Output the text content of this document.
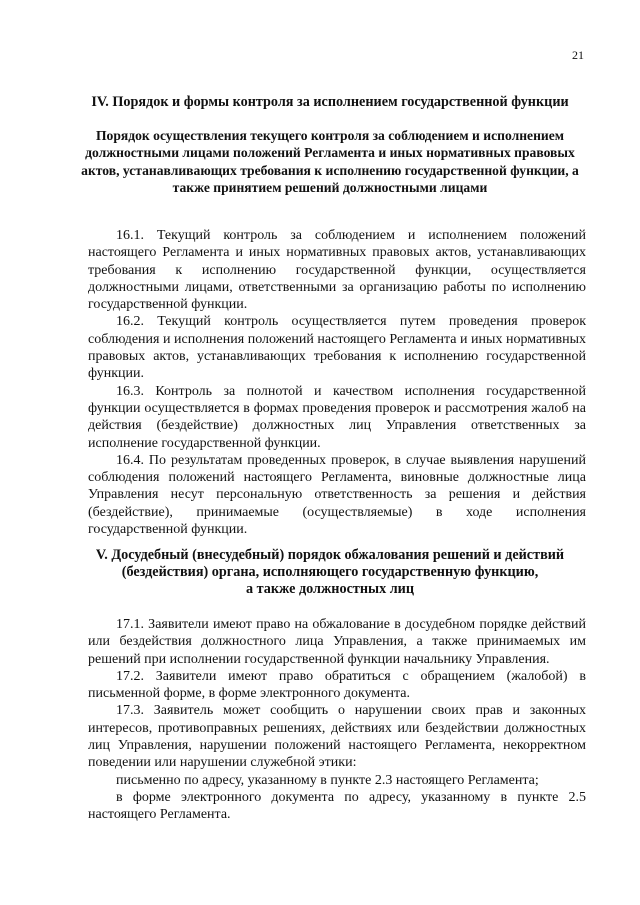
21
IV. Порядок и формы контроля за исполнением государственной функции
Порядок осуществления текущего контроля за соблюдением и исполнением должностными лицами положений Регламента и иных нормативных правовых актов, устанавливающих требования к исполнению государственной функции, а также принятием решений должностными лицами

16.1. Текущий контроль за соблюдением и исполнением положений настоящего Регламента и иных нормативных правовых актов, устанавливающих требования к исполнению государственной функции, осуществляется должностными лицами, ответственными за организацию работы по исполнению государственной функции.

16.2. Текущий контроль осуществляется путем проведения проверок соблюдения и исполнения положений настоящего Регламента и иных нормативных правовых актов, устанавливающих требования к исполнению государственной функции.

16.3. Контроль за полнотой и качеством исполнения государственной функции осуществляется в формах проведения проверок и рассмотрения жалоб на действия (бездействие) должностных лиц Управления ответственных за исполнение государственной функции.

16.4. По результатам проведенных проверок, в случае выявления нарушений соблюдения положений настоящего Регламента, виновные должностные лица Управления несут персональную ответственность за решения и действия (бездействие), принимаемые (осуществляемые) в ходе исполнения государственной функции.

V. Досудебный (внесудебный) порядок обжалования решений и действий
(бездействия) органа, исполняющего государственную функцию,
а также должностных лиц

17.1. Заявители имеют право на обжалование в досудебном порядке действий или бездействия должностного лица Управления, а также принимаемых им решений при исполнении государственной функции начальнику Управления.

17.2. Заявители имеют право обратиться с обращением (жалобой) в письменной форме, в форме электронного документа.

17.3. Заявитель может сообщить о нарушении своих прав и законных интересов, противоправных решениях, действиях или бездействии должностных лиц Управления, нарушении положений настоящего Регламента, некорректном поведении или нарушении служебной этики:

письменно по адресу, указанному в пункте 2.3 настоящего Регламента;

в форме электронного документа по адресу, указанному в пункте 2.5 настоящего Регламента.
